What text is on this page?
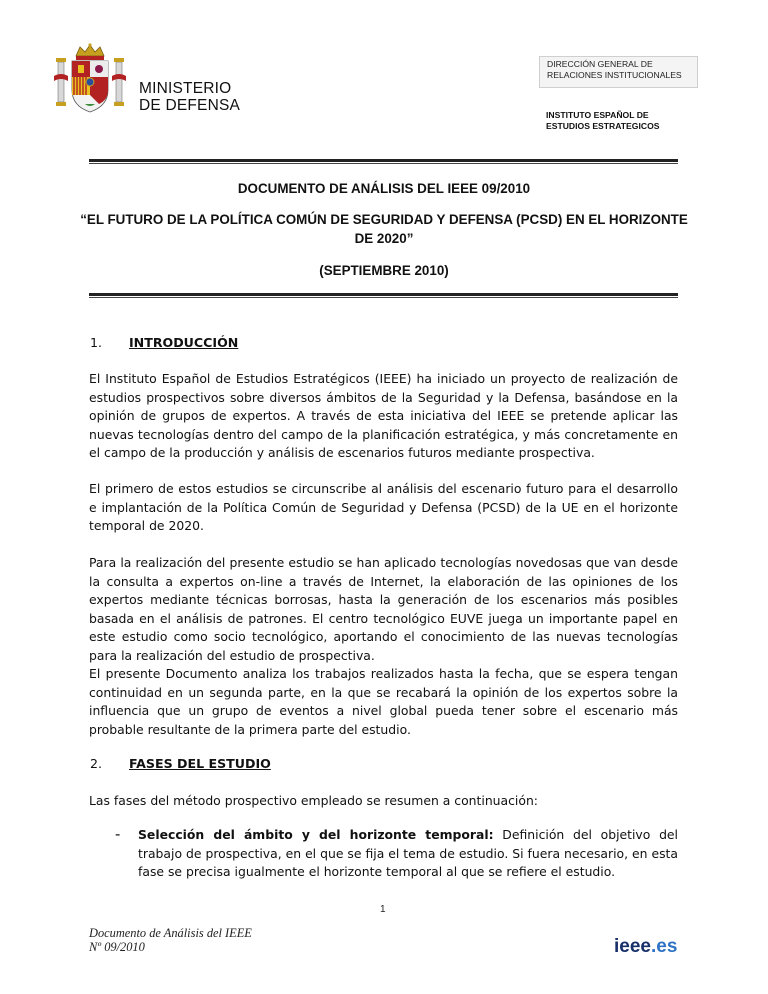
MINISTERIO
DE DEFENSA
DIRECCIÓN GENERAL DE
RELACIONES INSTITUCIONALES
INSTITUTO ESPAÑOL DE
ESTUDIOS ESTRATEGICOS
DOCUMENTO DE ANÁLISIS DEL IEEE 09/2010
“EL FUTURO DE LA POLÍTICA COMÚN DE SEGURIDAD Y DEFENSA (PCSD) EN EL HORIZONTE
DE 2020”
(SEPTIEMBRE 2010)
1. INTRODUCCIÓN

El Instituto Español de Estudios Estratégicos (IEEE) ha iniciado un proyecto de realización de estudios prospectivos sobre diversos ámbitos de la Seguridad y la Defensa, basándose en la opinión de grupos de expertos. A través de esta iniciativa del IEEE se pretende aplicar las nuevas tecnologías dentro del campo de la planificación estratégica, y más concretamente en el campo de la producción y análisis de escenarios futuros mediante prospectiva.

El primero de estos estudios se circunscribe al análisis del escenario futuro para el desarrollo e implantación de la Política Común de Seguridad y Defensa (PCSD) de la UE en el horizonte temporal de 2020.

Para la realización del presente estudio se han aplicado tecnologías novedosas que van desde la consulta a expertos on-line a través de Internet, la elaboración de las opiniones de los expertos mediante técnicas borrosas, hasta la generación de los escenarios más posibles basada en el análisis de patrones. El centro tecnológico EUVE juega un importante papel en este estudio como socio tecnológico, aportando el conocimiento de las nuevas tecnologías para la realización del estudio de prospectiva.

El presente Documento analiza los trabajos realizados hasta la fecha, que se espera tengan continuidad en un segunda parte, en la que se recabará la opinión de los expertos sobre la influencia que un grupo de eventos a nivel global pueda tener sobre el escenario más probable resultante de la primera parte del estudio.

2. FASES DEL ESTUDIO

Las fases del método prospectivo empleado se resumen a continuación:

- Selección del ámbito y del horizonte temporal: Definición del objetivo del trabajo de prospectiva, en el que se fija el tema de estudio. Si fuera necesario, en esta fase se precisa igualmente el horizonte temporal al que se refiere el estudio.

1
Documento de Análisis del IEEE
Nº 09/2010	ieee.es
